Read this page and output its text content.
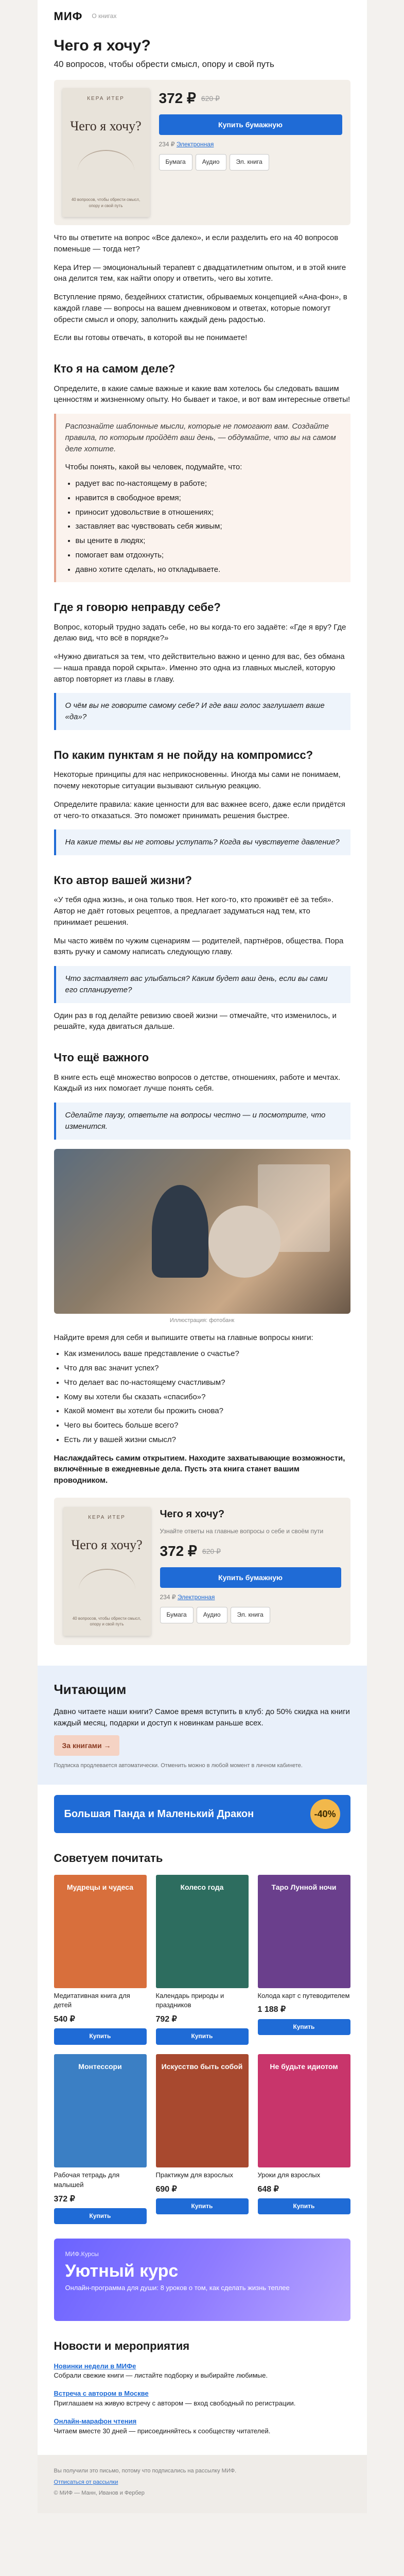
МИФ О книгах
Чего я хочу?
40 вопросов, чтобы обрести смысл, опору и свой путь
КЕРА ИТЕР
Чего я хочу?
40 вопросов, чтобы обрести смысл, опору и свой путь
372 ₽ 620 ₽
Купить бумажную
234 ₽ Электронная
Бумага	Аудио	Эл. книга

Что вы ответите на вопрос «Все далеко», и если разделить его на 40 вопросов поменьше — тогда нет?

Кера Итер — эмоциональный терапевт с двадцатилетним опытом, и в этой книге она делится тем, как найти опору и ответить, чего вы хотите.

Вступление прямо, бездейнихх статистик, обрываемых концепцией «Ана-фон», в каждой главе — вопросы на вашем дневниковом и ответах, которые помогут обрести смысл и опору, заполнить каждый день радостью.

Если вы готовы отвечать, в которой вы не понимаете!

Кто я на самом деле?

Определите, в какие самые важные и какие вам хотелось бы следовать вашим ценностям и жизненному опыту. Но бывает и такое, и вот вам интересные ответы!

Распознайте шаблонные мысли, которые не помогают вам. Создайте правила, по которым пройдёт ваш день, — обдумайте, что вы на самом деле хотите.

Чтобы понять, какой вы человек, подумайте, что:

• радует вас по-настоящему в работе;
• нравится в свободное время;
• приносит удовольствие в отношениях;
• заставляет вас чувствовать себя живым;
• вы цените в людях;
• помогает вам отдохнуть;
• давно хотите сделать, но откладываете.
Где я говорю неправду себе?

Вопрос, который трудно задать себе, но вы когда-то его задаёте: «Где я вру? Где делаю вид, что всё в порядке?»

«Нужно двигаться за тем, что действительно важно и ценно для вас, без обмана — наша правда порой скрыта». Именно это одна из главных мыслей, которую автор повторяет из главы в главу.

О чём вы не говорите самому себе? И где ваш голос заглушает ваше «да»?
По каким пунктам я не пойду на компромисс?

Некоторые принципы для нас неприкосновенны. Иногда мы сами не понимаем, почему некоторые ситуации вызывают сильную реакцию.

Определите правила: какие ценности для вас важнее всего, даже если придётся от чего-то отказаться. Это поможет принимать решения быстрее.

На какие темы вы не готовы уступать? Когда вы чувствуете давление?
Кто автор вашей жизни?

«У тебя одна жизнь, и она только твоя. Нет кого-то, кто проживёт её за тебя». Автор не даёт готовых рецептов, а предлагает задуматься над тем, кто принимает решения.

Мы часто живём по чужим сценариям — родителей, партнёров, общества. Пора взять ручку и самому написать следующую главу.

Что заставляет вас улыбаться? Каким будет ваш день, если вы сами его спланируете?

Один раз в год делайте ревизию своей жизни — отмечайте, что изменилось, и решайте, куда двигаться дальше.

Что ещё важного

В книге есть ещё множество вопросов о детстве, отношениях, работе и мечтах. Каждый из них помогает лучше понять себя.

Сделайте паузу, ответьте на вопросы честно — и посмотрите, что изменится.
Иллюстрация: фотобанк

Найдите время для себя и выпишите ответы на главные вопросы книги:

• Как изменилось ваше представление о счастье?
• Что для вас значит успех?
• Что делает вас по-настоящему счастливым?
• Кому вы хотели бы сказать «спасибо»?
• Какой момент вы хотели бы прожить снова?
• Чего вы боитесь больше всего?
• Есть ли у вашей жизни смысл?

Наслаждайтесь самим открытием. Находите захватывающие возможности, включённые в ежедневные дела. Пусть эта книга станет вашим проводником.

КЕРА ИТЕР
Чего я хочу?
40 вопросов, чтобы обрести смысл, опору и свой путь
Чего я хочу?
Узнайте ответы на главные вопросы о себе и своём пути
372 ₽ 620 ₽
Купить бумажную
234 ₽ Электронная
Бумага	Аудио	Эл. книга
Читающим

Давно читаете наши книги? Самое время вступить в клуб: до 50% скидка на книги каждый месяц, подарки и доступ к новинкам раньше всех.

За книгами →
Подписка продлевается автоматически. Отменить можно в любой момент в личном кабинете.
Большая Панда и Маленький Дракон	-40%
Советуем почитать
Мудрецы и чудеса
Медитативная книга для детей
540 ₽
Купить
Колесо года
Календарь природы и праздников
792 ₽
Купить
Таро Лунной ночи
Колода карт с путеводителем
1 188 ₽
Купить
Монтессори
Рабочая тетрадь для малышей
372 ₽
Купить
Искусство быть собой
Практикум для взрослых
690 ₽
Купить
Не будьте идиотом
Уроки для взрослых
648 ₽
Купить
МИФ.Курсы
Уютный курс
Онлайн-программа для души: 8 уроков о том, как сделать жизнь теплее
Новости и мероприятия
Новинки недели в МИФе
Собрали свежие книги — листайте подборку и выбирайте любимые.
Встреча с автором в Москве
Приглашаем на живую встречу с автором — вход свободный по регистрации.
Онлайн-марафон чтения
Читаем вместе 30 дней — присоединяйтесь к сообществу читателей.
Вы получили это письмо, потому что подписались на рассылку МИФ.
Отписаться от рассылки
© МИФ — Манн, Иванов и Фербер
